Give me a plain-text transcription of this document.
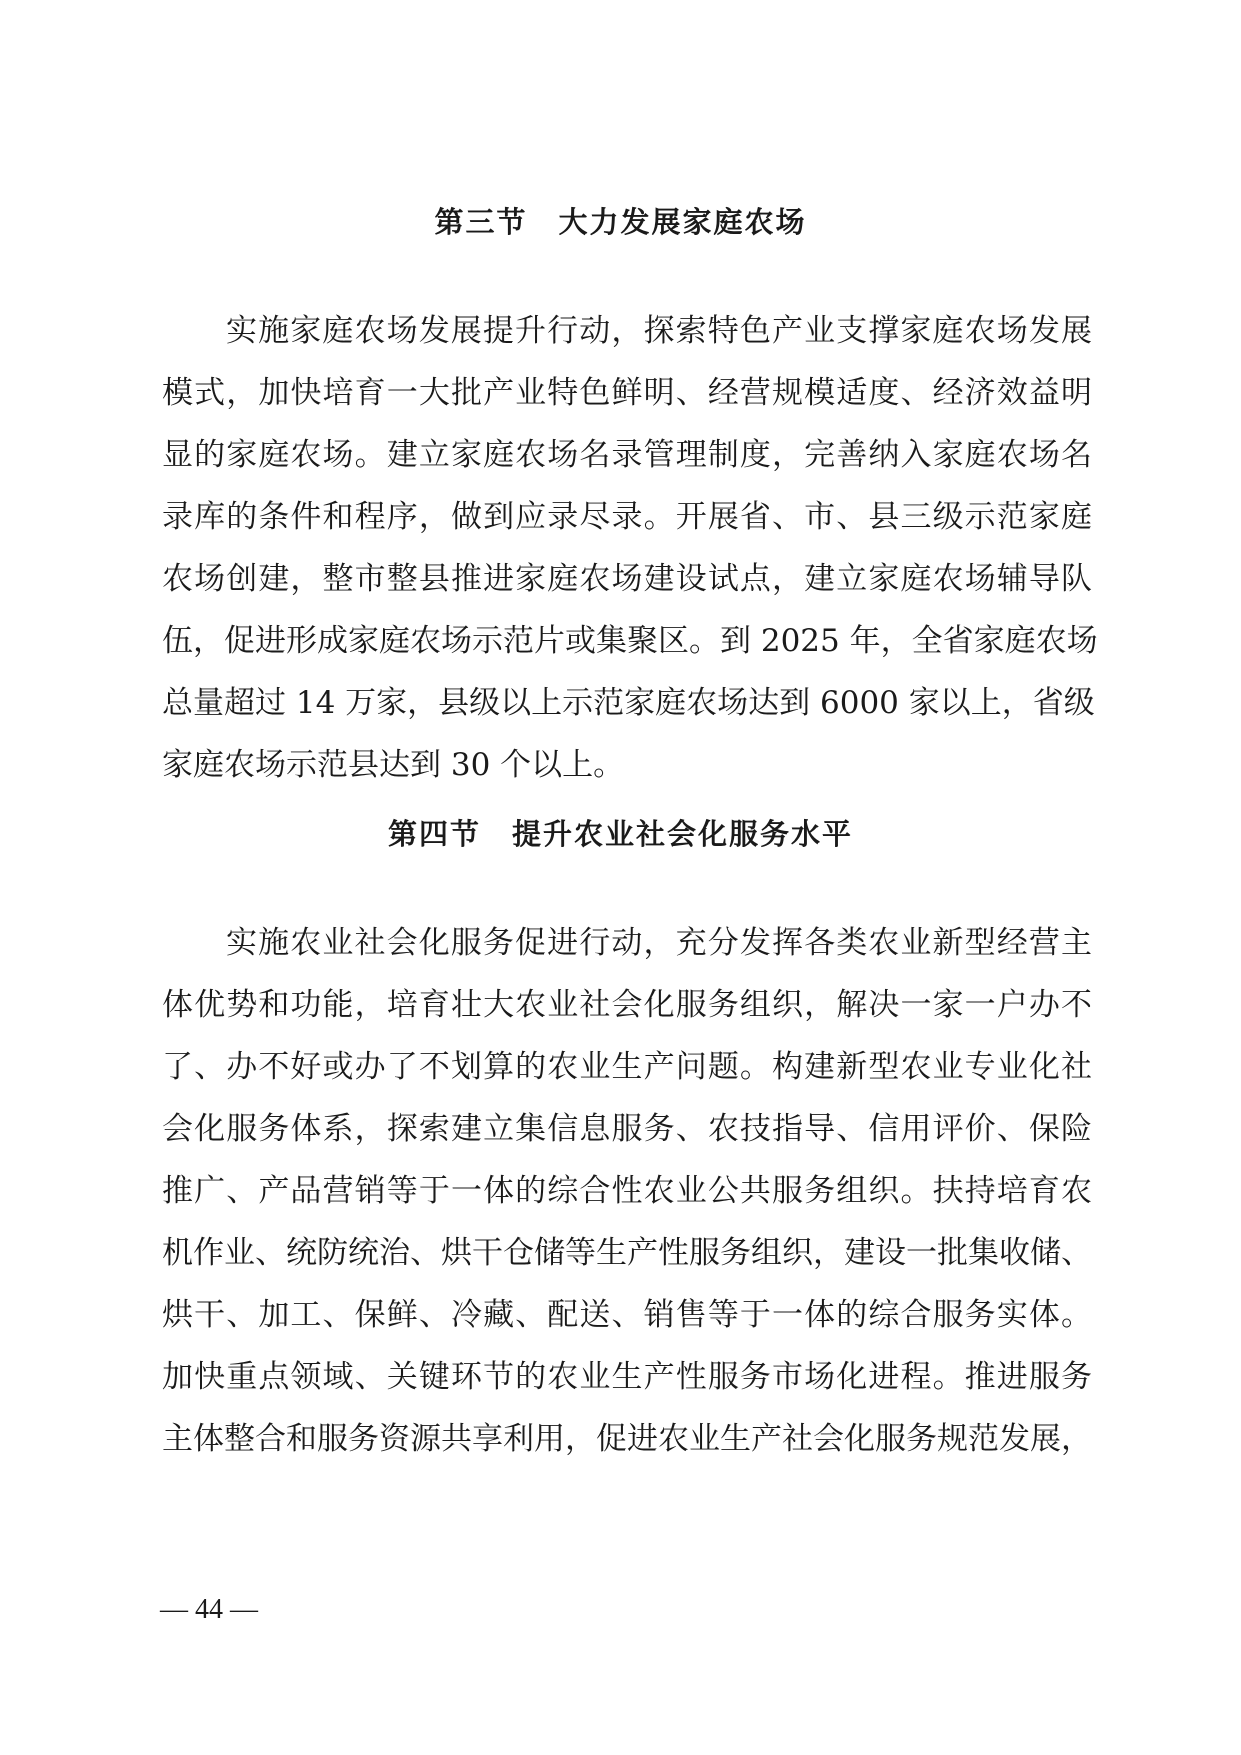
第三节　大力发展家庭农场
实施家庭农场发展提升行动，探索特色产业支撑家庭农场发展
模式，加快培育一大批产业特色鲜明、经营规模适度、经济效益明
显的家庭农场。建立家庭农场名录管理制度，完善纳入家庭农场名
录库的条件和程序，做到应录尽录。开展省、市、县三级示范家庭
农场创建，整市整县推进家庭农场建设试点，建立家庭农场辅导队
伍，促进形成家庭农场示范片或集聚区。到 2025 年，全省家庭农场
总量超过 14 万家，县级以上示范家庭农场达到 6000 家以上，省级
家庭农场示范县达到 30 个以上。
第四节　提升农业社会化服务水平
实施农业社会化服务促进行动，充分发挥各类农业新型经营主
体优势和功能，培育壮大农业社会化服务组织，解决一家一户办不
了、办不好或办了不划算的农业生产问题。构建新型农业专业化社
会化服务体系，探索建立集信息服务、农技指导、信用评价、保险
推广、产品营销等于一体的综合性农业公共服务组织。扶持培育农
机作业、统防统治、烘干仓储等生产性服务组织，建设一批集收储、
烘干、加工、保鲜、冷藏、配送、销售等于一体的综合服务实体。
加快重点领域、关键环节的农业生产性服务市场化进程。推进服务
主体整合和服务资源共享利用，促进农业生产社会化服务规范发展，
— 44 —
